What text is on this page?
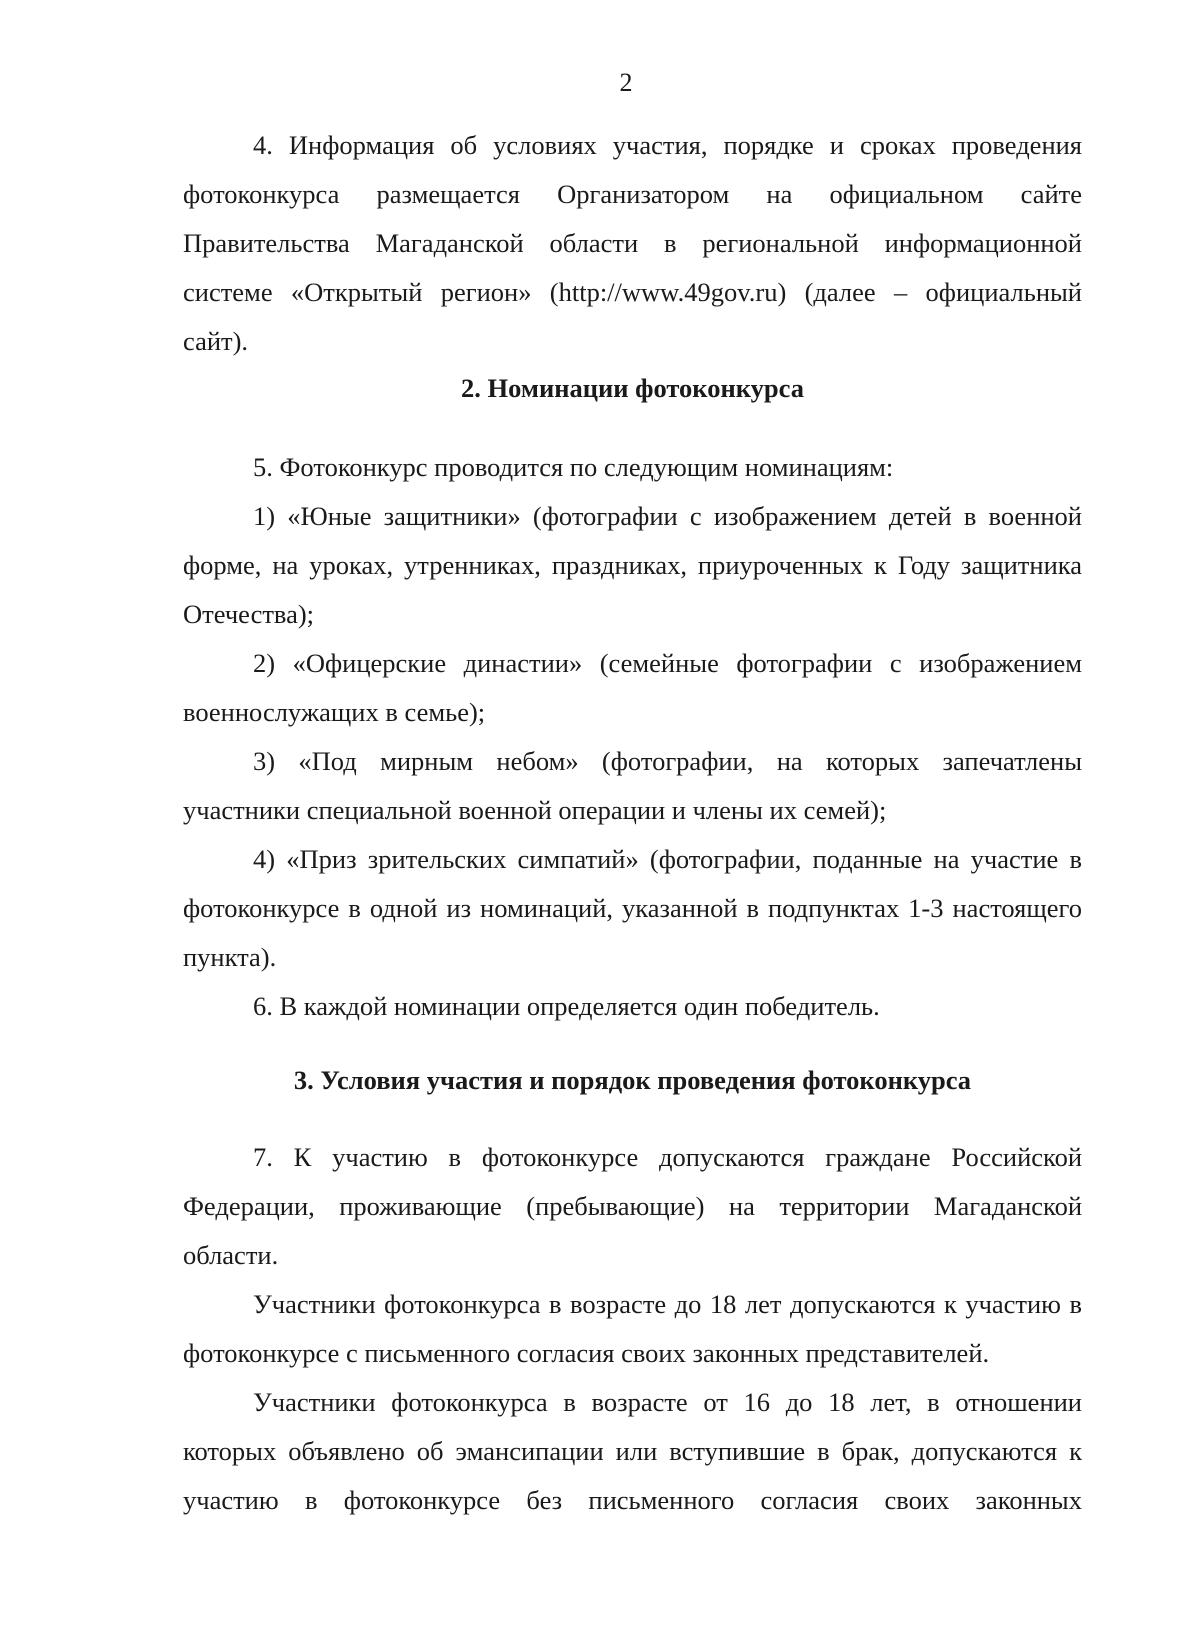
2

4. Информация об условиях участия, порядке и сроках проведения фотоконкурса размещается Организатором на официальном сайте Правительства Магаданской области в региональной информационной системе «Открытый регион» (http://www.49gov.ru) (далее – официальный сайт).

2. Номинации фотоконкурса

5. Фотоконкурс проводится по следующим номинациям:

1) «Юные защитники» (фотографии с изображением детей в военной форме, на уроках, утренниках, праздниках, приуроченных к Году защитника Отечества);

2) «Офицерские династии» (семейные фотографии с изображением военнослужащих в семье);

3) «Под мирным небом» (фотографии, на которых запечатлены участники специальной военной операции и члены их семей);

4) «Приз зрительских симпатий» (фотографии, поданные на участие в фотоконкурсе в одной из номинаций, указанной в подпунктах 1-3 настоящего пункта).

6. В каждой номинации определяется один победитель.

3. Условия участия и порядок проведения фотоконкурса

7. К участию в фотоконкурсе допускаются граждане Российской Федерации, проживающие (пребывающие) на территории Магаданской области.

Участники фотоконкурса в возрасте до 18 лет допускаются к участию в фотоконкурсе с письменного согласия своих законных представителей.

Участники фотоконкурса в возрасте от 16 до 18 лет, в отношении которых объявлено об эмансипации или вступившие в брак, допускаются к участию в фотоконкурсе без письменного согласия своих законных
